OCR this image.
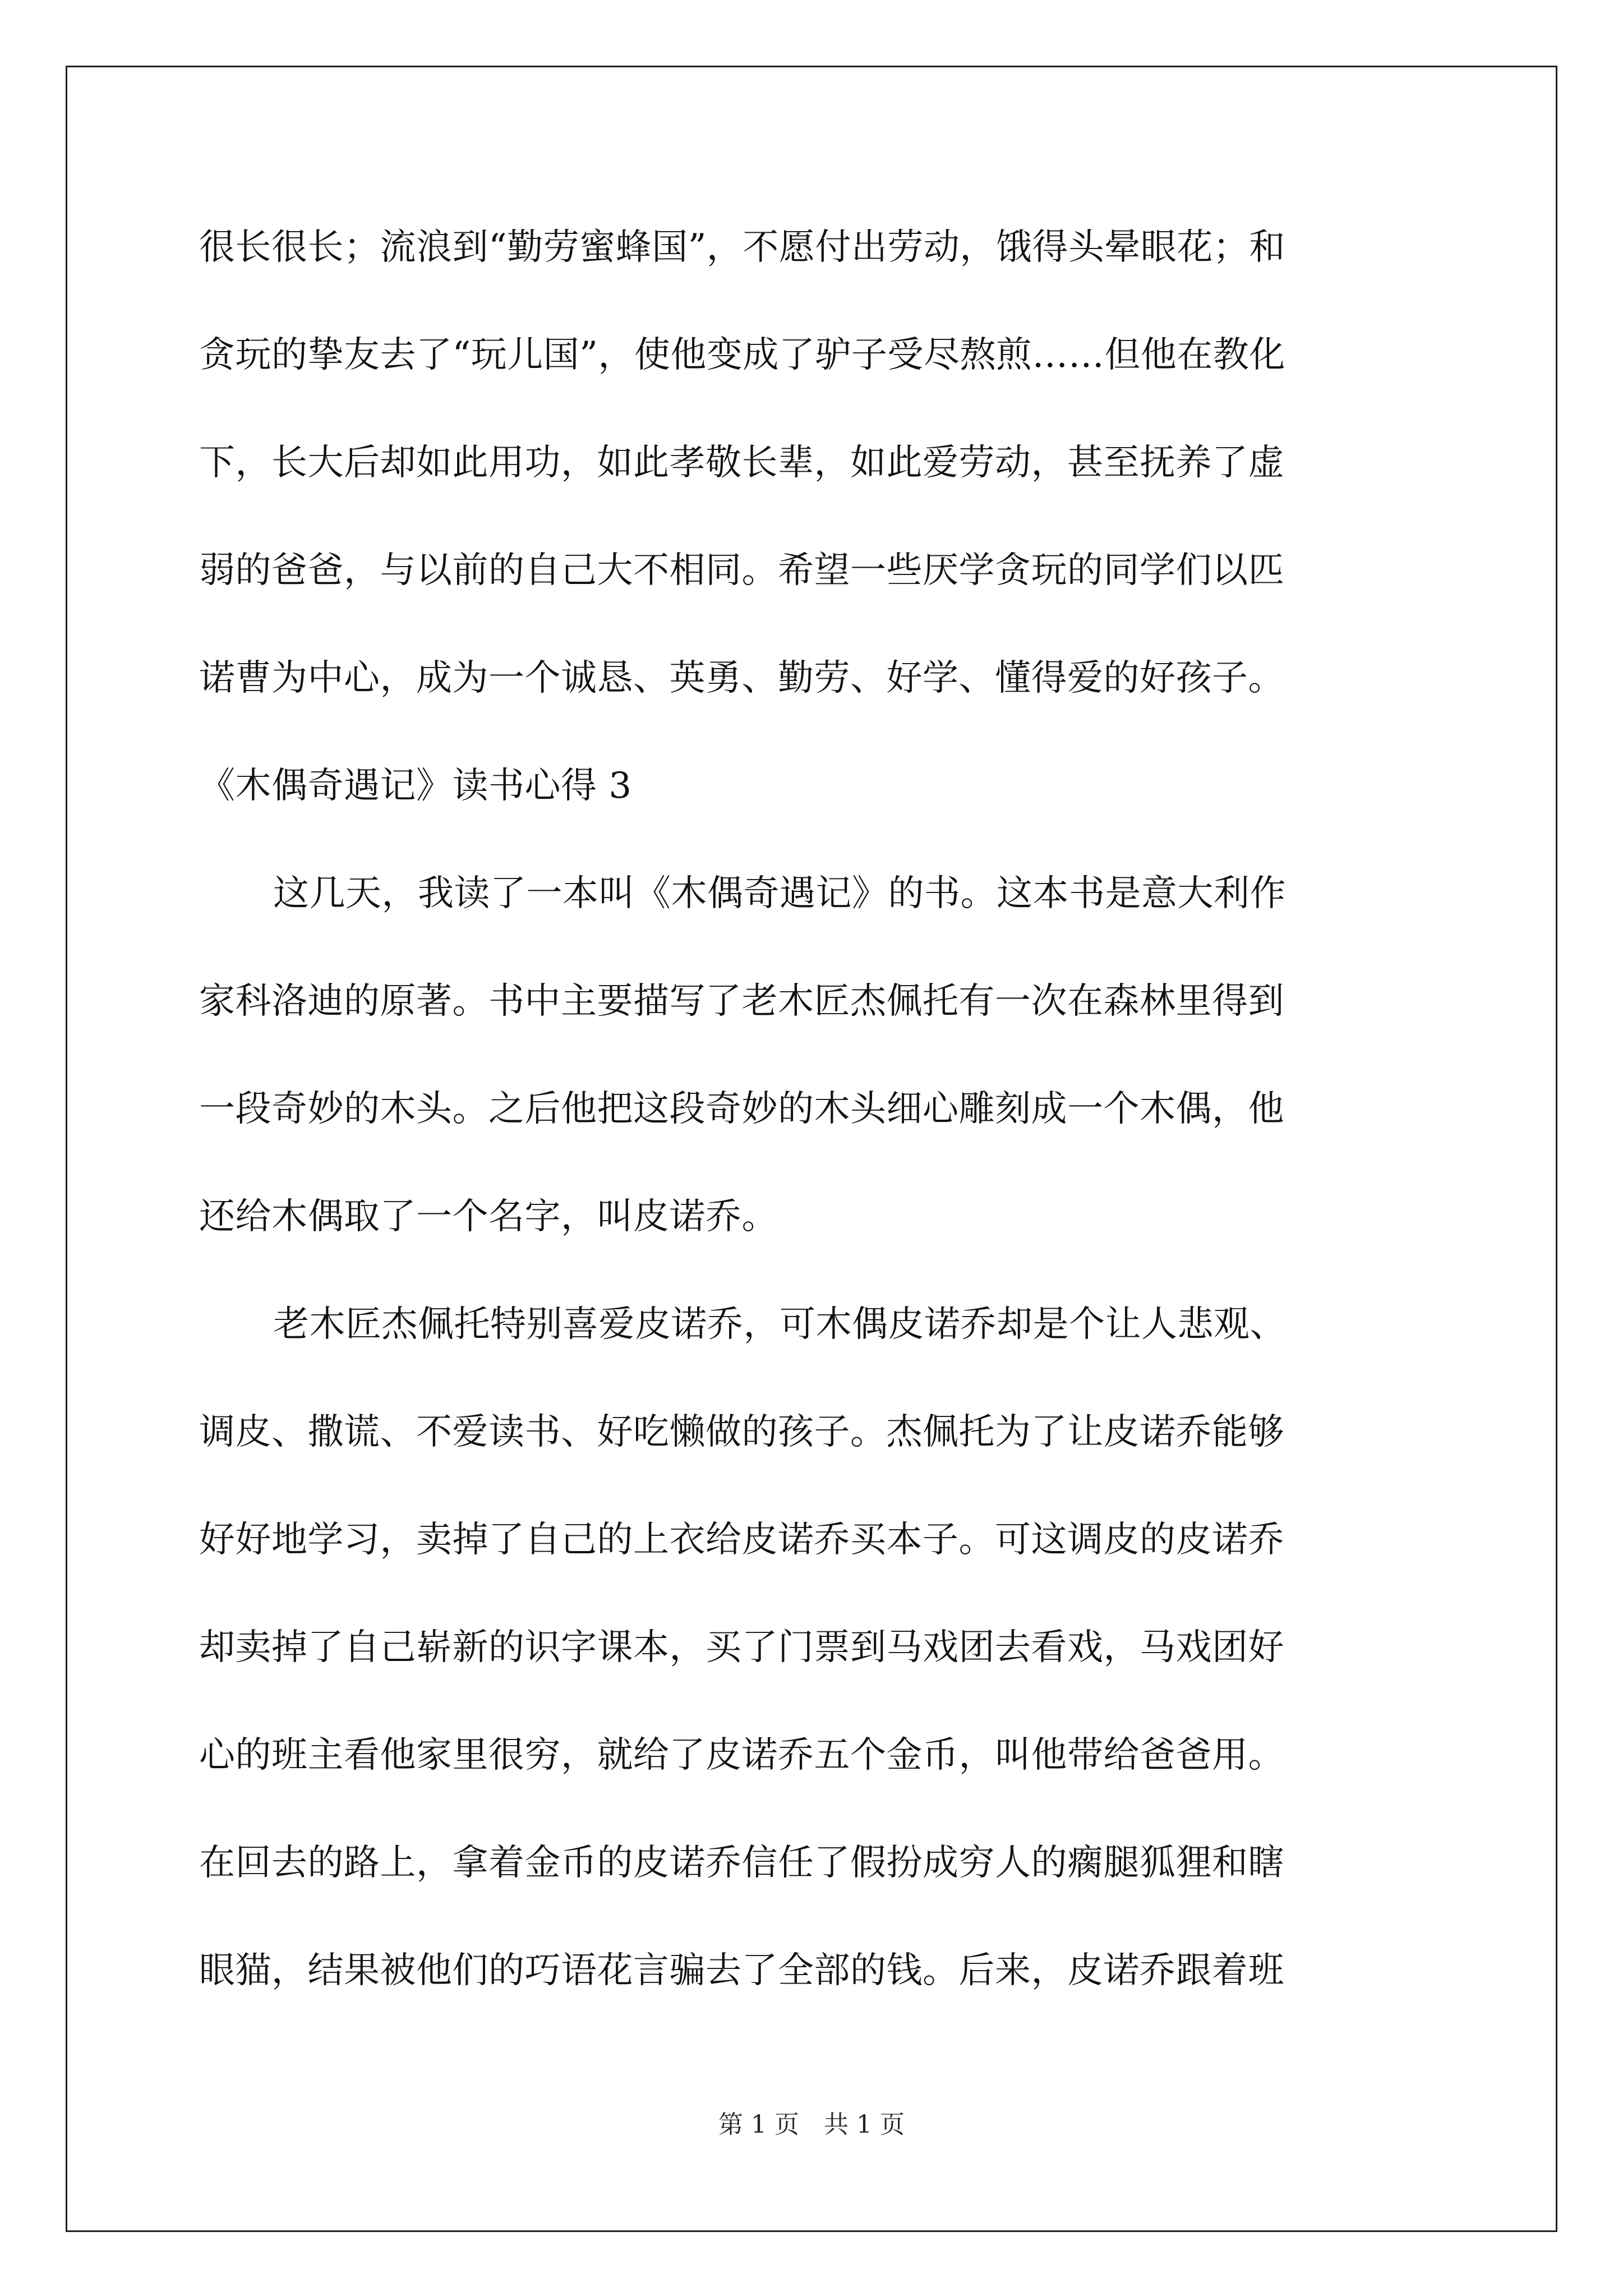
很长很长；流浪到“勤劳蜜蜂国”，不愿付出劳动，饿得头晕眼花；和
贪玩的挚友去了“玩儿国”，使他变成了驴子受尽熬煎……但他在教化
下，长大后却如此用功，如此孝敬长辈，如此爱劳动，甚至抚养了虚
弱的爸爸，与以前的自己大不相同。希望一些厌学贪玩的同学们以匹
诺曹为中心，成为一个诚恳、英勇、勤劳、好学、懂得爱的好孩子。
《木偶奇遇记》读书心得 3
这几天，我读了一本叫《木偶奇遇记》的书。这本书是意大利作
家科洛迪的原著。书中主要描写了老木匠杰佩托有一次在森林里得到
一段奇妙的木头。之后他把这段奇妙的木头细心雕刻成一个木偶，他
还给木偶取了一个名字，叫皮诺乔。
老木匠杰佩托特别喜爱皮诺乔，可木偶皮诺乔却是个让人悲观、
调皮、撒谎、不爱读书、好吃懒做的孩子。杰佩托为了让皮诺乔能够
好好地学习，卖掉了自己的上衣给皮诺乔买本子。可这调皮的皮诺乔
却卖掉了自己崭新的识字课本，买了门票到马戏团去看戏，马戏团好
心的班主看他家里很穷，就给了皮诺乔五个金币，叫他带给爸爸用。
在回去的路上，拿着金币的皮诺乔信任了假扮成穷人的瘸腿狐狸和瞎
眼猫，结果被他们的巧语花言骗去了全部的钱。后来，皮诺乔跟着班
第 1 页　共 1 页
